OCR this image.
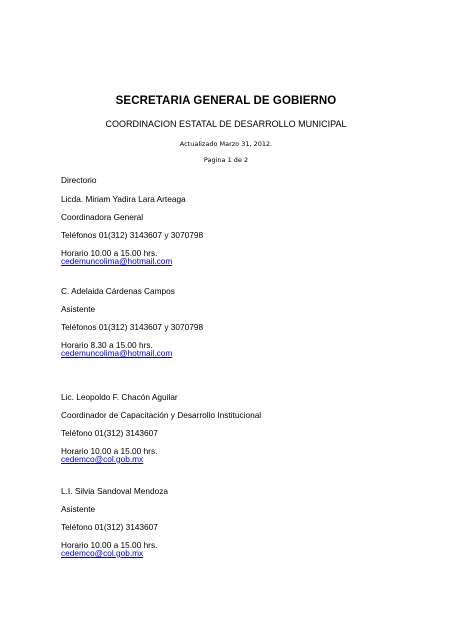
SECRETARIA GENERAL DE GOBIERNO
COORDINACION ESTATAL DE DESARROLLO MUNICIPAL
Actualizado Marzo 31, 2012.
Pagina 1 de 2
Directorio
Licda. Miriam Yadira Lara Arteaga
Coordinadora General
Teléfonos 01(312) 3143607 y 3070798
Horario 10.00 a 15.00 hrs.
cedemuncolima@hotmail.com
C. Adelaida Cárdenas Campos
Asistente
Teléfonos 01(312) 3143607 y 3070798
Horario 8.30 a 15.00 hrs.
cedemuncolima@hotmail.com
Lic. Leopoldo F. Chacón Aguilar
Coordinador de Capacitación y Desarrollo Institucional
Teléfono 01(312) 3143607
Horario 10.00 a 15.00 hrs.
cedemco@col.gob.mx
L.I. Silvia Sandoval Mendoza
Asistente
Teléfono 01(312) 3143607
Horario 10.00 a 15.00 hrs.
cedemco@col.gob.mx
